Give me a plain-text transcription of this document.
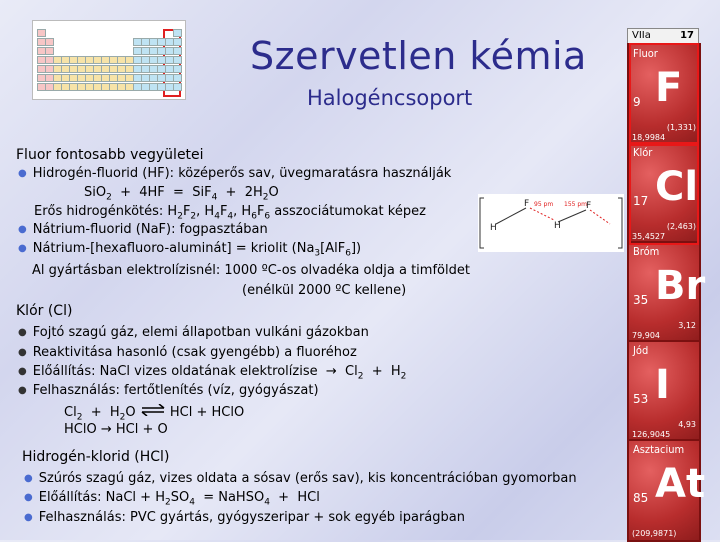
Szervetlen kémia
Halogéncsoport
Fluor fontosabb vegyületei
● Hidrogén-fluorid (HF): középerős sav, üvegmaratásra használják
$SiO_2 + 4HF = SiF_4 + 2H_2O$
Erős hidrogénkötés: $H_2F_2$, $H_4F_4$, $H_6F_6$ asszociátumokat képez
● Nátrium-fluorid (NaF): fogpasztában
● Nátrium-[hexafluoro-aluminát] = kriolit $(Na_3[AlF_6])$
Al gyártásban elektrolízisnél: 1000 ºC-os olvadéka oldja a timföldet
(enélkül 2000 ºC kellene)
F
H	H
F
95 pm 155 pm
Klór (Cl)
● Fojtó szagú gáz, elemi állapotban vulkáni gázokban
● Reaktivitása hasonló (csak gyengébb) a fluoréhoz
● Előállítás: NaCl vizes oldatának elektrolízise  →  $Cl_2 + H_2$
● Felhasználás: fertőtlenítés (víz, gyógyászat)
$Cl_2 + H_2O$ ⇌ HCl + HClO
HClO → HCl + O
Hidrogén-klorid (HCl)
● Szúrós szagú gáz, vizes oldata a sósav (erős sav), kis koncentrációban gyomorban
● Előállítás: NaCl + $H_2SO_4$  = NaHSO$_4$  +  HCl
● Felhasználás: PVC gyártás, gyógyszeripar + sok egyéb iparágban
VIIa	17
Fluor
9 F
18,9984
(1,331)
Klór
17 Cl
35,4527
(2,463)
Bróm
35 Br
79,904
3,12
Jód
53 I
126,9045
4,93
Asztacium
85 At
(209,9871)
